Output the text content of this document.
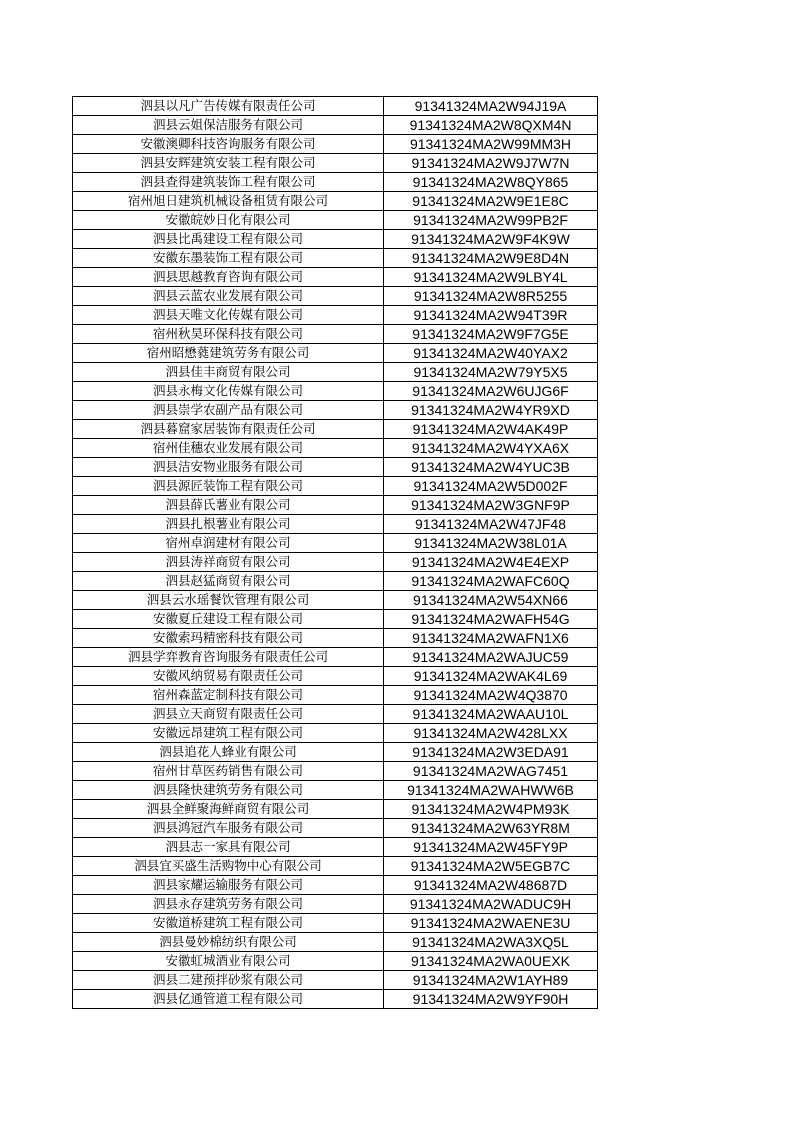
泗县以凡广告传媒有限责任公司	91341324MA2W94J19A
泗县云姐保洁服务有限公司	91341324MA2W8QXM4N
安徽澳卿科技咨询服务有限公司	91341324MA2W99MM3H
泗县安辉建筑安装工程有限公司	91341324MA2W9J7W7N
泗县查得建筑装饰工程有限公司	91341324MA2W8QY865
宿州旭日建筑机械设备租赁有限公司	91341324MA2W9E1E8C
安徽皖妙日化有限公司	91341324MA2W99PB2F
泗县比禹建设工程有限公司	91341324MA2W9F4K9W
安徽东墨装饰工程有限公司	91341324MA2W9E8D4N
泗县思越教育咨询有限公司	91341324MA2W9LBY4L
泗县云蓝农业发展有限公司	91341324MA2W8R5255
泗县天唯文化传媒有限公司	91341324MA2W94T39R
宿州秋昊环保科技有限公司	91341324MA2W9F7G5E
宿州昭懋蕤建筑劳务有限公司	91341324MA2W40YAX2
泗县佳丰商贸有限公司	91341324MA2W79Y5X5
泗县永梅文化传媒有限公司	91341324MA2W6UJG6F
泗县崇学农副产品有限公司	91341324MA2W4YR9XD
泗县暮窟家居装饰有限责任公司	91341324MA2W4AK49P
宿州佳穗农业发展有限公司	91341324MA2W4YXA6X
泗县洁安物业服务有限公司	91341324MA2W4YUC3B
泗县源匠装饰工程有限公司	91341324MA2W5D002F
泗县薛氏薯业有限公司	91341324MA2W3GNF9P
泗县扎根薯业有限公司	91341324MA2W47JF48
宿州卓润建材有限公司	91341324MA2W38L01A
泗县涛祥商贸有限公司	91341324MA2W4E4EXP
泗县赵猛商贸有限公司	91341324MA2WAFC60Q
泗县云水瑶餐饮管理有限公司	91341324MA2W54XN66
安徽夏丘建设工程有限公司	91341324MA2WAFH54G
安徽索玛精密科技有限公司	91341324MA2WAFN1X6
泗县学弈教育咨询服务有限责任公司	91341324MA2WAJUC59
安徽风纳贸易有限责任公司	91341324MA2WAK4L69
宿州森蓝定制科技有限公司	91341324MA2W4Q3870
泗县立天商贸有限责任公司	91341324MA2WAAU10L
安徽远昂建筑工程有限公司	91341324MA2W428LXX
泗县追花人蜂业有限公司	91341324MA2W3EDA91
宿州甘草医药销售有限公司	91341324MA2WAG7451
泗县隆快建筑劳务有限公司	91341324MA2WAHWW6B
泗县全鲜聚海鲜商贸有限公司	91341324MA2W4PM93K
泗县鸿冠汽车服务有限公司	91341324MA2W63YR8M
泗县志一家具有限公司	91341324MA2W45FY9P
泗县宜买盛生活购物中心有限公司	91341324MA2W5EGB7C
泗县家耀运输服务有限公司	91341324MA2W48687D
泗县永存建筑劳务有限公司	91341324MA2WADUC9H
安徽道桥建筑工程有限公司	91341324MA2WAENE3U
泗县曼妙棉纺织有限公司	91341324MA2WA3XQ5L
安徽虹城酒业有限公司	91341324MA2WA0UEXK
泗县二建预拌砂浆有限公司	91341324MA2W1AYH89
泗县亿通管道工程有限公司	91341324MA2W9YF90H
